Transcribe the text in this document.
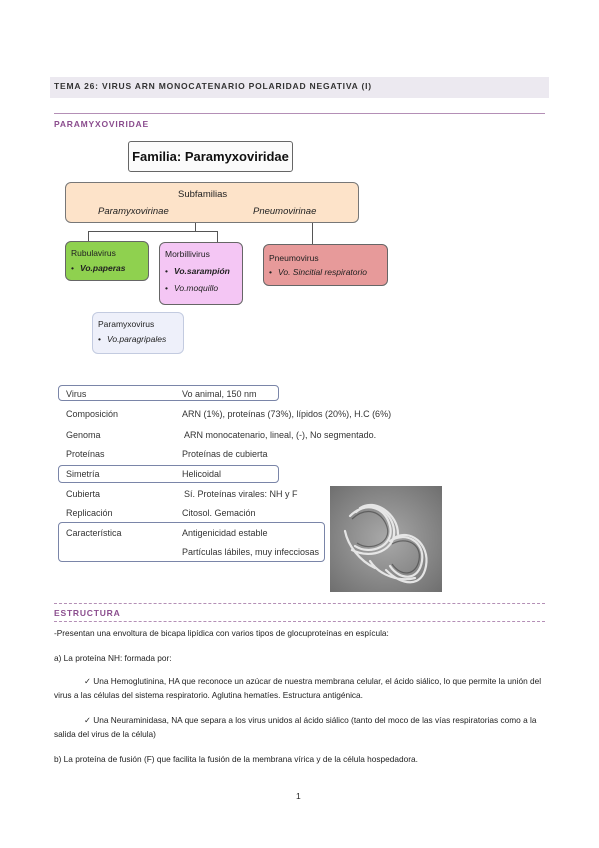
TEMA 26: VIRUS ARN MONOCATENARIO POLARIDAD NEGATIVA (I)
PARAMYXOVIRIDAE
Familia: Paramyxoviridae
Subfamilias
Paramyxovirinae	Pneumovirinae
Rubulavirus
• Vo.paperas
Morbillivirus
• Vo.sarampión
• Vo.moquillo
Pneumovirus
• Vo. Sincitial respiratorio
Paramyxovirus
• Vo.paragripales
Virus	Vo animal, 150 nm
Composición	ARN (1%), proteínas (73%), lípidos (20%), H.C (6%)
Genoma	ARN monocatenario, lineal, (-), No segmentado.
Proteínas	Proteínas de cubierta
Simetría	Helicoidal
Cubierta	Sí. Proteínas virales: NH y F
Replicación	Citosol. Gemación
Característica	Antigenicidad estable
Partículas lábiles, muy infecciosas
ESTRUCTURA
-Presentan una envoltura de bicapa lipídica con varios tipos de glocuproteínas en espícula:
a) La proteína NH: formada por:
✓ Una Hemoglutinina, HA que reconoce un azúcar de nuestra membrana celular, el ácido siálico, lo que permite la unión del virus a las células del sistema respiratorio. Aglutina hematíes. Estructura antigénica.
✓ Una Neuraminidasa, NA que separa a los virus unidos al ácido siálico (tanto del moco de las vías respiratorias como a la salida del virus de la célula)
b) La proteína de fusión (F) que facilita la fusión de la membrana vírica y de la célula hospedadora.
1
